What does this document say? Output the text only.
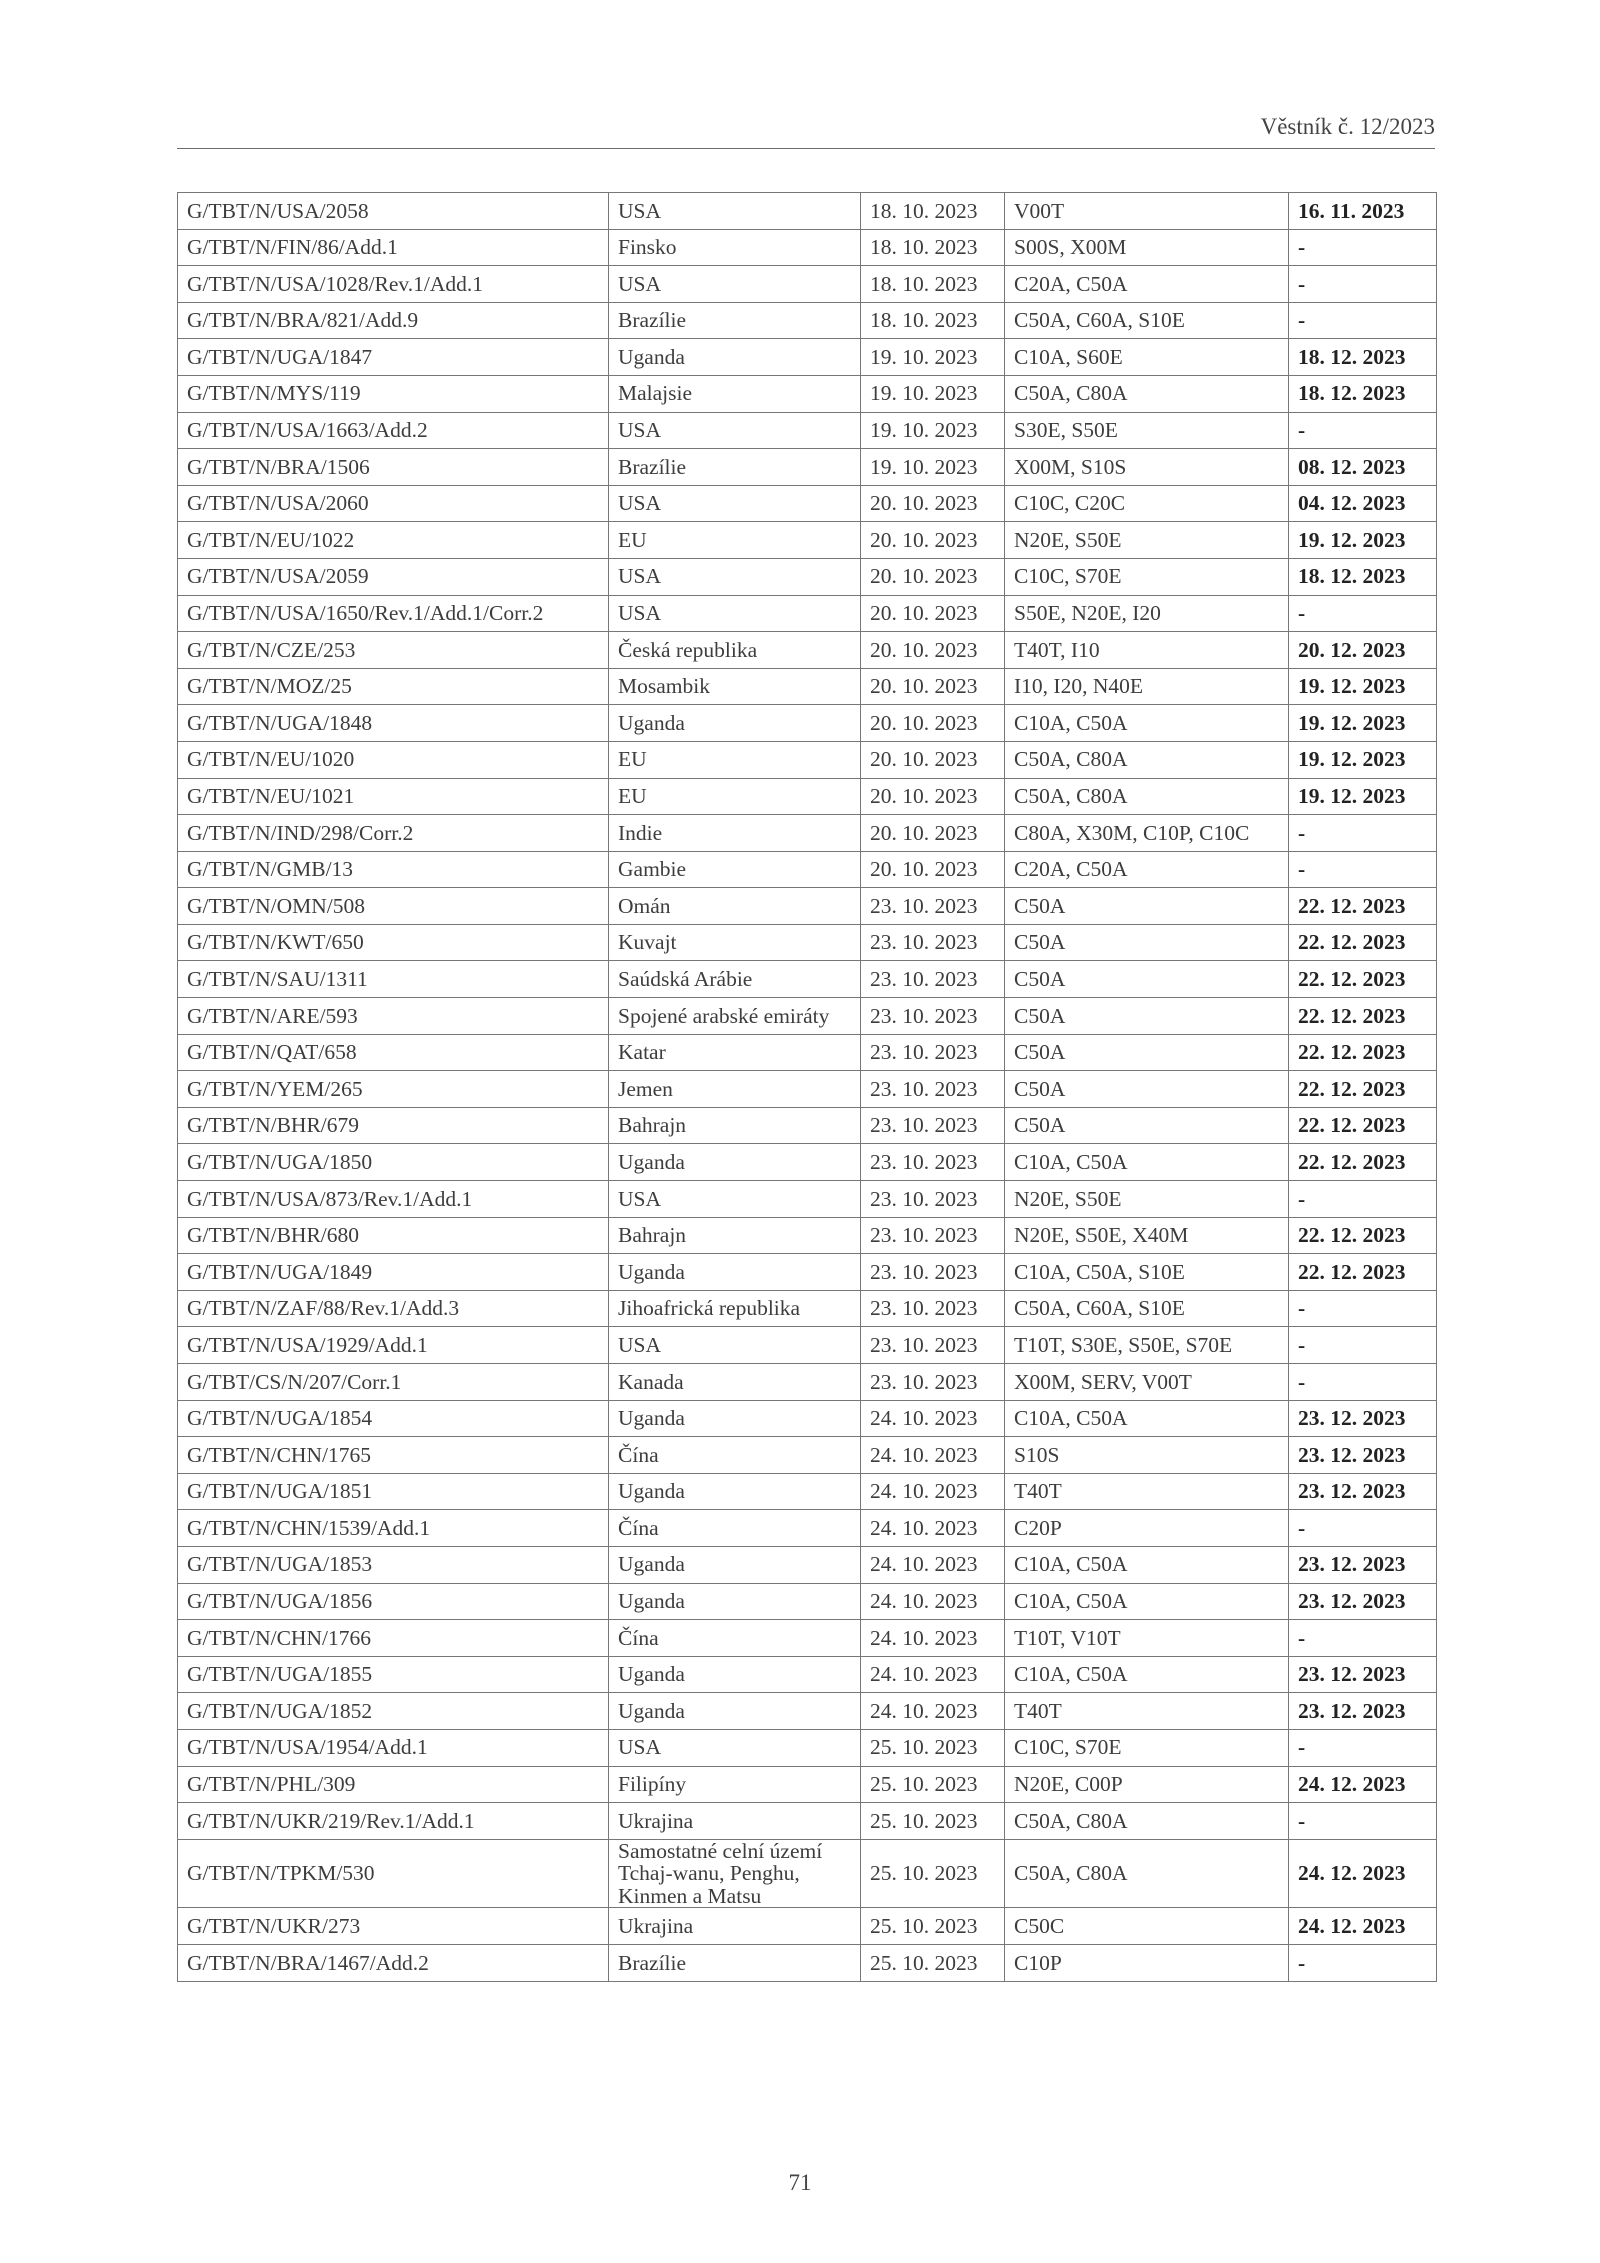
Věstník č. 12/2023
G/TBT/N/USA/2058	USA	18. 10. 2023	V00T	16. 11. 2023
G/TBT/N/FIN/86/Add.1	Finsko	18. 10. 2023	S00S, X00M	-
G/TBT/N/USA/1028/Rev.1/Add.1	USA	18. 10. 2023	C20A, C50A	-
G/TBT/N/BRA/821/Add.9	Brazílie	18. 10. 2023	C50A, C60A, S10E	-
G/TBT/N/UGA/1847	Uganda	19. 10. 2023	C10A, S60E	18. 12. 2023
G/TBT/N/MYS/119	Malajsie	19. 10. 2023	C50A, C80A	18. 12. 2023
G/TBT/N/USA/1663/Add.2	USA	19. 10. 2023	S30E, S50E	-
G/TBT/N/BRA/1506	Brazílie	19. 10. 2023	X00M, S10S	08. 12. 2023
G/TBT/N/USA/2060	USA	20. 10. 2023	C10C, C20C	04. 12. 2023
G/TBT/N/EU/1022	EU	20. 10. 2023	N20E, S50E	19. 12. 2023
G/TBT/N/USA/2059	USA	20. 10. 2023	C10C, S70E	18. 12. 2023
G/TBT/N/USA/1650/Rev.1/Add.1/Corr.2	USA	20. 10. 2023	S50E, N20E, I20	-
G/TBT/N/CZE/253	Česká republika	20. 10. 2023	T40T, I10	20. 12. 2023
G/TBT/N/MOZ/25	Mosambik	20. 10. 2023	I10, I20, N40E	19. 12. 2023
G/TBT/N/UGA/1848	Uganda	20. 10. 2023	C10A, C50A	19. 12. 2023
G/TBT/N/EU/1020	EU	20. 10. 2023	C50A, C80A	19. 12. 2023
G/TBT/N/EU/1021	EU	20. 10. 2023	C50A, C80A	19. 12. 2023
G/TBT/N/IND/298/Corr.2	Indie	20. 10. 2023	C80A, X30M, C10P, C10C	-
G/TBT/N/GMB/13	Gambie	20. 10. 2023	C20A, C50A	-
G/TBT/N/OMN/508	Omán	23. 10. 2023	C50A	22. 12. 2023
G/TBT/N/KWT/650	Kuvajt	23. 10. 2023	C50A	22. 12. 2023
G/TBT/N/SAU/1311	Saúdská Arábie	23. 10. 2023	C50A	22. 12. 2023
G/TBT/N/ARE/593	Spojené arabské emiráty	23. 10. 2023	C50A	22. 12. 2023
G/TBT/N/QAT/658	Katar	23. 10. 2023	C50A	22. 12. 2023
G/TBT/N/YEM/265	Jemen	23. 10. 2023	C50A	22. 12. 2023
G/TBT/N/BHR/679	Bahrajn	23. 10. 2023	C50A	22. 12. 2023
G/TBT/N/UGA/1850	Uganda	23. 10. 2023	C10A, C50A	22. 12. 2023
G/TBT/N/USA/873/Rev.1/Add.1	USA	23. 10. 2023	N20E, S50E	-
G/TBT/N/BHR/680	Bahrajn	23. 10. 2023	N20E, S50E, X40M	22. 12. 2023
G/TBT/N/UGA/1849	Uganda	23. 10. 2023	C10A, C50A, S10E	22. 12. 2023
G/TBT/N/ZAF/88/Rev.1/Add.3	Jihoafrická republika	23. 10. 2023	C50A, C60A, S10E	-
G/TBT/N/USA/1929/Add.1	USA	23. 10. 2023	T10T, S30E, S50E, S70E	-
G/TBT/CS/N/207/Corr.1	Kanada	23. 10. 2023	X00M, SERV, V00T	-
G/TBT/N/UGA/1854	Uganda	24. 10. 2023	C10A, C50A	23. 12. 2023
G/TBT/N/CHN/1765	Čína	24. 10. 2023	S10S	23. 12. 2023
G/TBT/N/UGA/1851	Uganda	24. 10. 2023	T40T	23. 12. 2023
G/TBT/N/CHN/1539/Add.1	Čína	24. 10. 2023	C20P	-
G/TBT/N/UGA/1853	Uganda	24. 10. 2023	C10A, C50A	23. 12. 2023
G/TBT/N/UGA/1856	Uganda	24. 10. 2023	C10A, C50A	23. 12. 2023
G/TBT/N/CHN/1766	Čína	24. 10. 2023	T10T, V10T	-
G/TBT/N/UGA/1855	Uganda	24. 10. 2023	C10A, C50A	23. 12. 2023
G/TBT/N/UGA/1852	Uganda	24. 10. 2023	T40T	23. 12. 2023
G/TBT/N/USA/1954/Add.1	USA	25. 10. 2023	C10C, S70E	-
G/TBT/N/PHL/309	Filipíny	25. 10. 2023	N20E, C00P	24. 12. 2023
G/TBT/N/UKR/219/Rev.1/Add.1	Ukrajina	25. 10. 2023	C50A, C80A	-
G/TBT/N/TPKM/530	Samostatné celní území Tchaj-wanu, Penghu, Kinmen a Matsu	25. 10. 2023	C50A, C80A	24. 12. 2023
G/TBT/N/UKR/273	Ukrajina	25. 10. 2023	C50C	24. 12. 2023
G/TBT/N/BRA/1467/Add.2	Brazílie	25. 10. 2023	C10P	-
71
